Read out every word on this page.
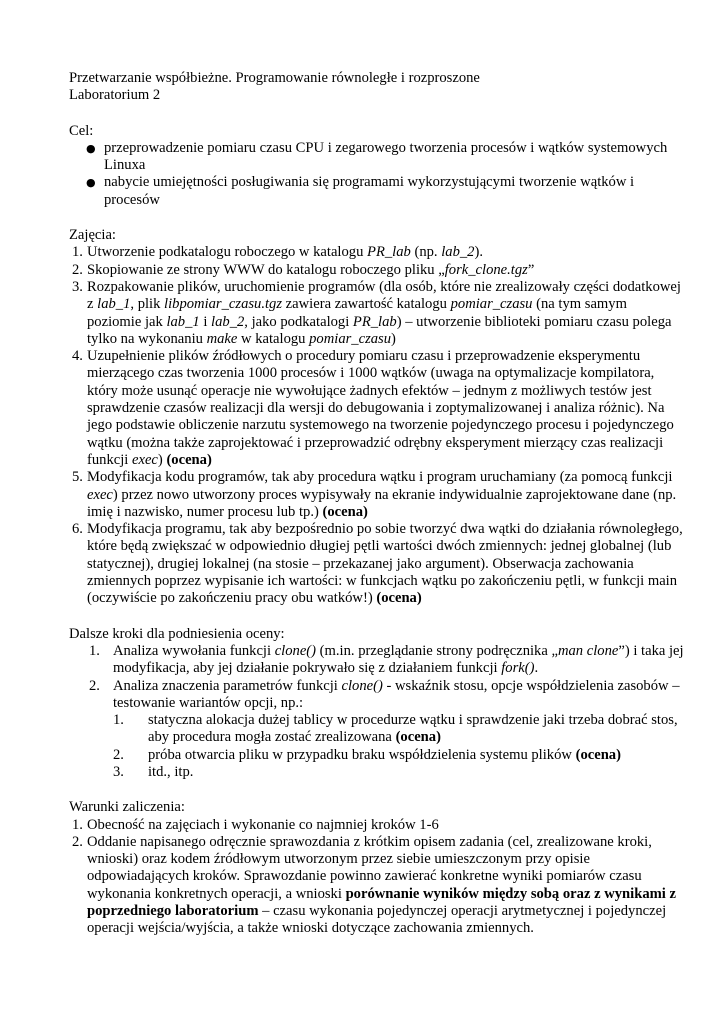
Przetwarzanie współbieżne. Programowanie równoległe i rozproszone

Laboratorium 2

Cel:

● przeprowadzenie pomiaru czasu CPU i zegarowego tworzenia procesów i wątków systemowych Linuxa
● nabycie umiejętności posługiwania się programami wykorzystującymi tworzenie wątków i procesów

Zajęcia:

1. Utworzenie podkatalogu roboczego w katalogu PR_lab (np. lab_2).
2. Skopiowanie ze strony WWW do katalogu roboczego pliku „fork_clone.tgz”
3. Rozpakowanie plików, uruchomienie programów (dla osób, które nie zrealizowały części dodatkowej z lab_1, plik libpomiar_czasu.tgz zawiera zawartość katalogu pomiar_czasu (na tym samym poziomie jak lab_1 i lab_2, jako podkatalogi PR_lab) – utworzenie biblioteki pomiaru czasu polega tylko na wykonaniu make w katalogu pomiar_czasu)
4. Uzupełnienie plików źródłowych o procedury pomiaru czasu i przeprowadzenie eksperymentu mierzącego czas tworzenia 1000 procesów i 1000 wątków (uwaga na optymalizacje kompilatora, który może usunąć operacje nie wywołujące żadnych efektów – jednym z możliwych testów jest sprawdzenie czasów realizacji dla wersji do debugowania i zoptymalizowanej i analiza różnic). Na jego podstawie obliczenie narzutu systemowego na tworzenie pojedynczego procesu i pojedynczego wątku (można także zaprojektować i przeprowadzić odrębny eksperyment mierzący czas realizacji funkcji exec) (ocena)
5. Modyfikacja kodu programów, tak aby procedura wątku i program uruchamiany (za pomocą funkcji exec) przez nowo utworzony proces wypisywały na ekranie indywidualnie zaprojektowane dane (np. imię i nazwisko, numer procesu lub tp.) (ocena)
6. Modyfikacja programu, tak aby bezpośrednio po sobie tworzyć dwa wątki do działania równoległego, które będą zwiększać w odpowiednio długiej pętli wartości dwóch zmiennych: jednej globalnej (lub statycznej), drugiej lokalnej (na stosie – przekazanej jako argument). Obserwacja zachowania zmiennych poprzez wypisanie ich wartości: w funkcjach wątku po zakończeniu pętli, w funkcji main (oczywiście po zakończeniu pracy obu watków!) (ocena)

Dalsze kroki dla podniesienia oceny:

1. Analiza wywołania funkcji clone() (m.in. przeglądanie strony podręcznika „man clone”) i taka jej modyfikacja, aby jej działanie pokrywało się z działaniem funkcji fork().
2. Analiza znaczenia parametrów funkcji clone() - wskaźnik stosu, opcje współdzielenia zasobów – testowanie wariantów opcji, np.:
1. statyczna alokacja dużej tablicy w procedurze wątku i sprawdzenie jaki trzeba dobrać stos, aby procedura mogła zostać zrealizowana (ocena)
2. próba otwarcia pliku w przypadku braku współdzielenia systemu plików (ocena)
3. itd., itp.

Warunki zaliczenia:

1. Obecność na zajęciach i wykonanie co najmniej kroków 1-6
2. Oddanie napisanego odręcznie sprawozdania z krótkim opisem zadania (cel, zrealizowane kroki, wnioski) oraz kodem źródłowym utworzonym przez siebie umieszczonym przy opisie odpowiadających kroków. Sprawozdanie powinno zawierać konkretne wyniki pomiarów czasu wykonania konkretnych operacji, a wnioski porównanie wyników między sobą oraz z wynikami z poprzedniego laboratorium – czasu wykonania pojedynczej operacji arytmetycznej i pojedynczej operacji wejścia/wyjścia, a także wnioski dotyczące zachowania zmiennych.
